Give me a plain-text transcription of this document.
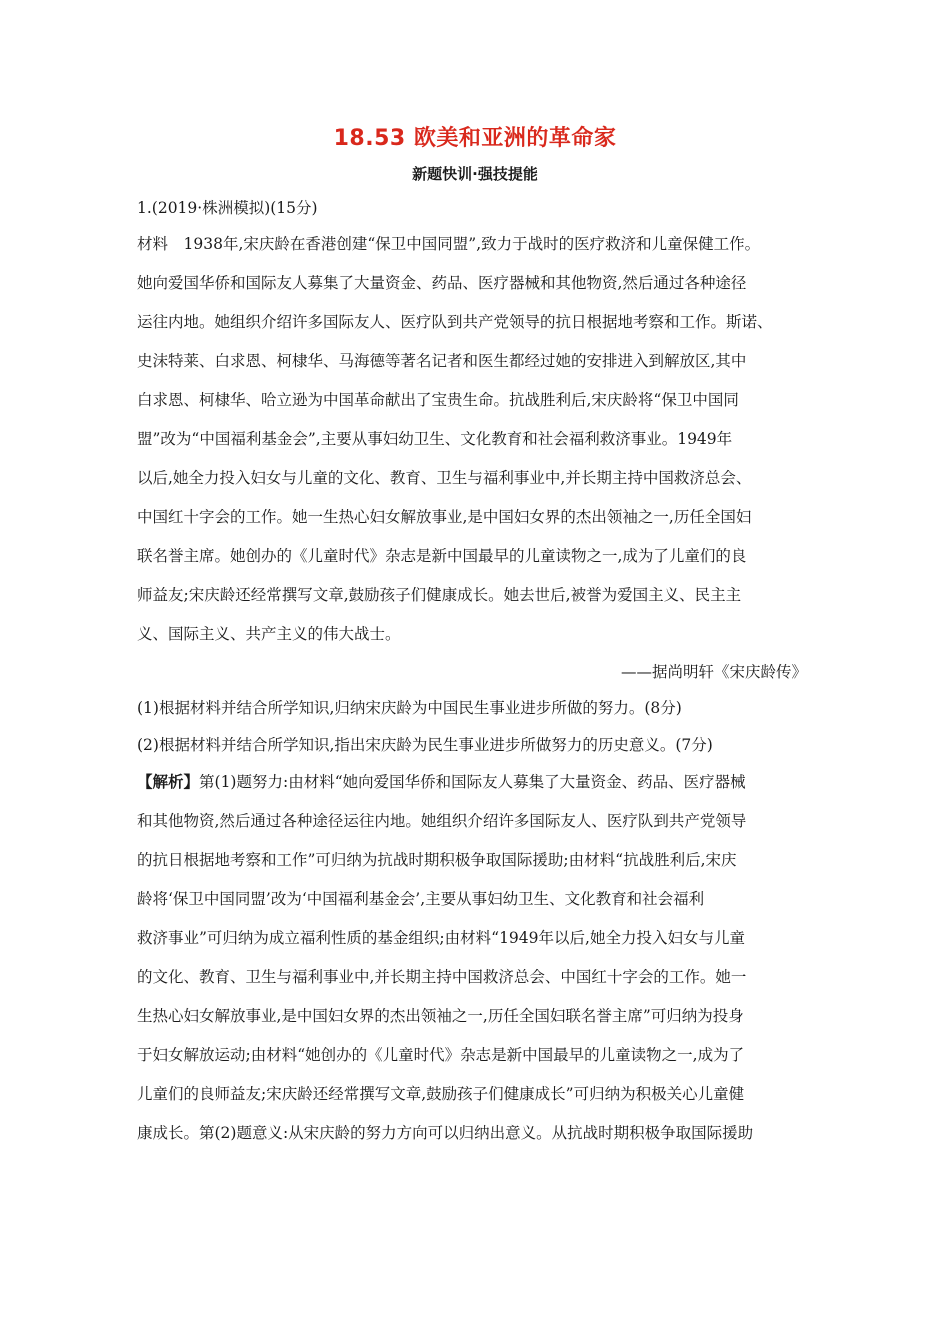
18.53 欧美和亚洲的革命家
新题快训·强技提能
1.(2019·株洲模拟)(15分)
材料　1938年,宋庆龄在香港创建“保卫中国同盟”,致力于战时的医疗救济和儿童保健工作。
她向爱国华侨和国际友人募集了大量资金、药品、医疗器械和其他物资,然后通过各种途径
运往内地。她组织介绍许多国际友人、医疗队到共产党领导的抗日根据地考察和工作。斯诺、
史沫特莱、白求恩、柯棣华、马海德等著名记者和医生都经过她的安排进入到解放区,其中
白求恩、柯棣华、哈立逊为中国革命献出了宝贵生命。抗战胜利后,宋庆龄将“保卫中国同
盟”改为“中国福利基金会”,主要从事妇幼卫生、文化教育和社会福利救济事业。1949年
以后,她全力投入妇女与儿童的文化、教育、卫生与福利事业中,并长期主持中国救济总会、
中国红十字会的工作。她一生热心妇女解放事业,是中国妇女界的杰出领袖之一,历任全国妇
联名誉主席。她创办的《儿童时代》杂志是新中国最早的儿童读物之一,成为了儿童们的良
师益友;宋庆龄还经常撰写文章,鼓励孩子们健康成长。她去世后,被誉为爱国主义、民主主
义、国际主义、共产主义的伟大战士。
——据尚明轩《宋庆龄传》
(1)根据材料并结合所学知识,归纳宋庆龄为中国民生事业进步所做的努力。(8分)
(2)根据材料并结合所学知识,指出宋庆龄为民生事业进步所做努力的历史意义。(7分)
【解析】第(1)题努力:由材料“她向爱国华侨和国际友人募集了大量资金、药品、医疗器械
和其他物资,然后通过各种途径运往内地。她组织介绍许多国际友人、医疗队到共产党领导
的抗日根据地考察和工作”可归纳为抗战时期积极争取国际援助;由材料“抗战胜利后,宋庆
龄将‘保卫中国同盟’改为‘中国福利基金会’,主要从事妇幼卫生、文化教育和社会福利
救济事业”可归纳为成立福利性质的基金组织;由材料“1949年以后,她全力投入妇女与儿童
的文化、教育、卫生与福利事业中,并长期主持中国救济总会、中国红十字会的工作。她一
生热心妇女解放事业,是中国妇女界的杰出领袖之一,历任全国妇联名誉主席”可归纳为投身
于妇女解放运动;由材料“她创办的《儿童时代》杂志是新中国最早的儿童读物之一,成为了
儿童们的良师益友;宋庆龄还经常撰写文章,鼓励孩子们健康成长”可归纳为积极关心儿童健
康成长。第(2)题意义:从宋庆龄的努力方向可以归纳出意义。从抗战时期积极争取国际援助
